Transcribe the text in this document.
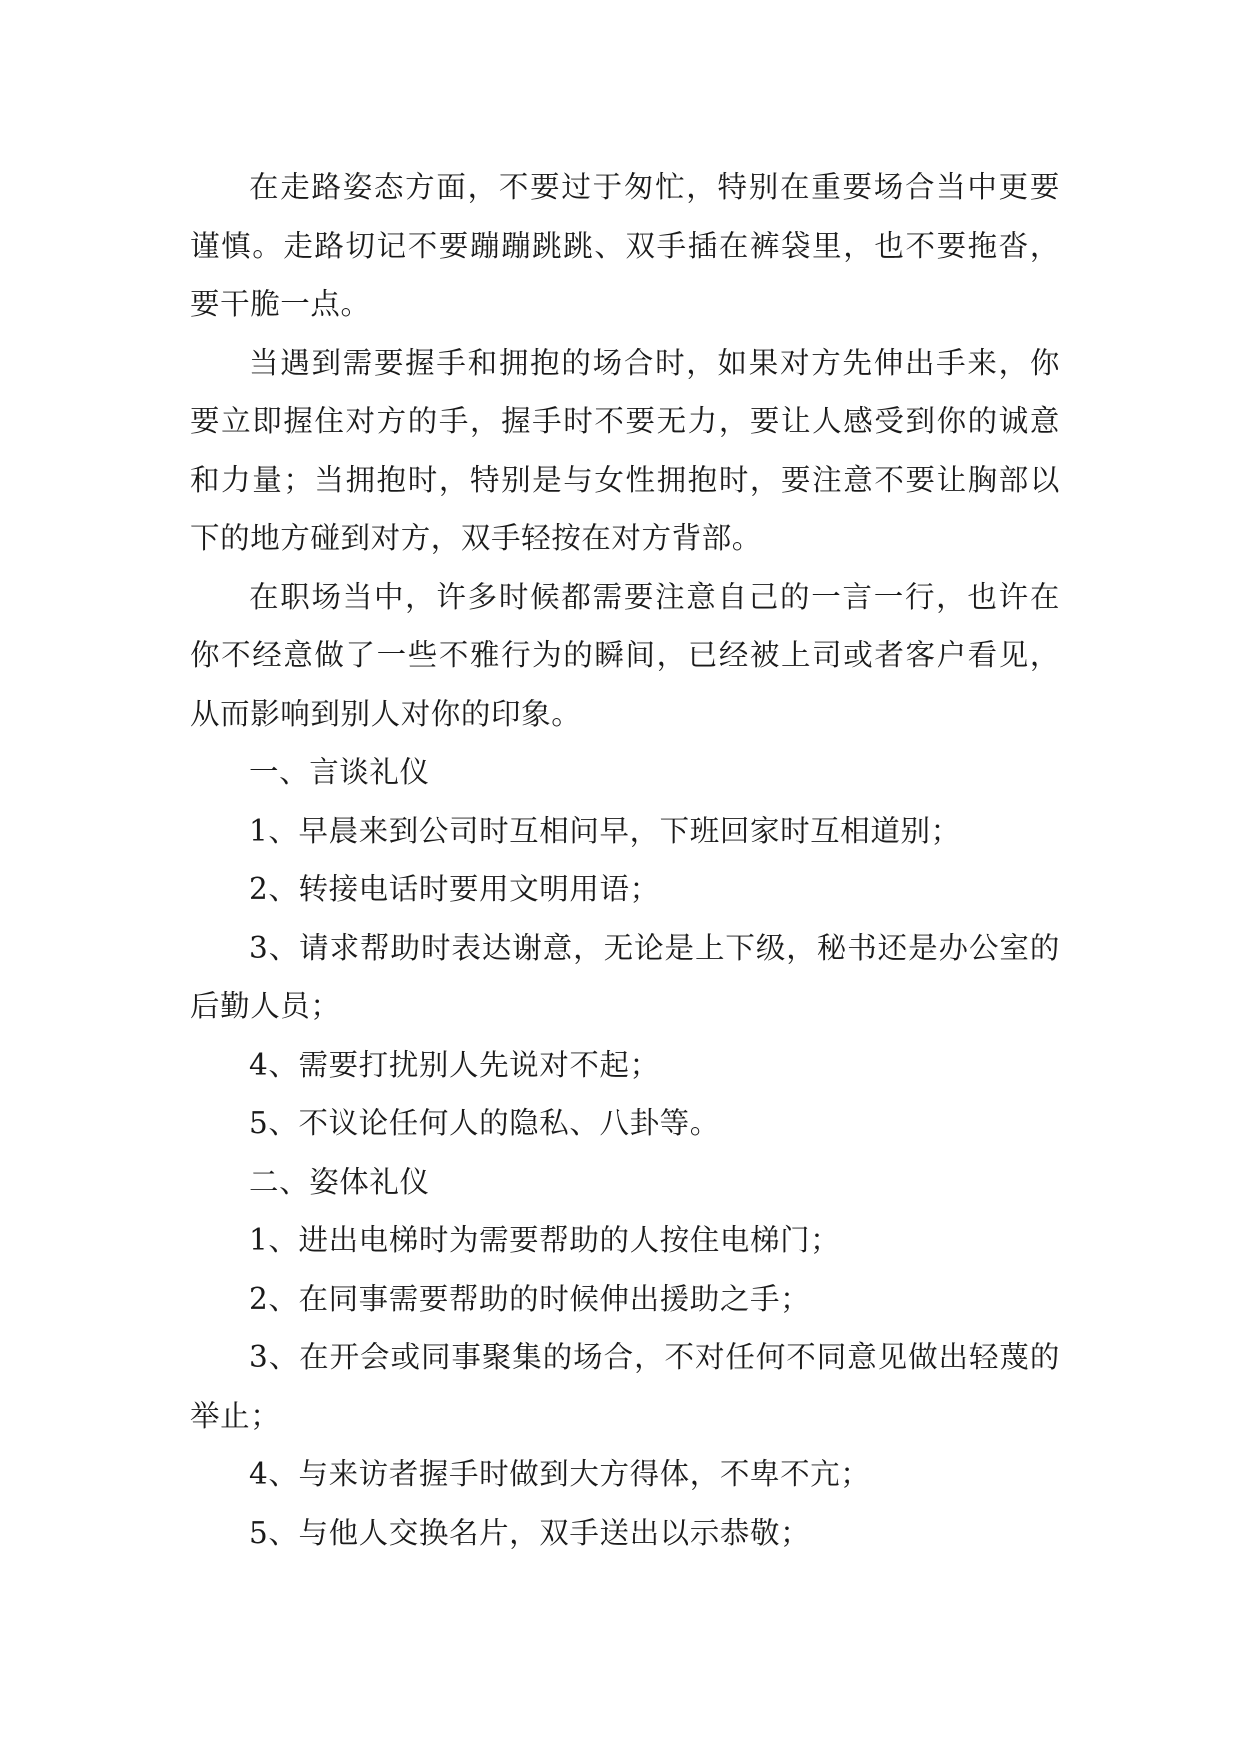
在走路姿态方面，不要过于匆忙，特别在重要场合当中更要谨慎。走路切记不要蹦蹦跳跳、双手插在裤袋里，也不要拖沓，要干脆一点。

当遇到需要握手和拥抱的场合时，如果对方先伸出手来，你要立即握住对方的手，握手时不要无力，要让人感受到你的诚意和力量；当拥抱时，特别是与女性拥抱时，要注意不要让胸部以下的地方碰到对方，双手轻按在对方背部。

在职场当中，许多时候都需要注意自己的一言一行，也许在你不经意做了一些不雅行为的瞬间，已经被上司或者客户看见，从而影响到别人对你的印象。

一、言谈礼仪

1、早晨来到公司时互相问早，下班回家时互相道别；

2、转接电话时要用文明用语；

3、请求帮助时表达谢意，无论是上下级，秘书还是办公室的后勤人员；

4、需要打扰别人先说对不起；

5、不议论任何人的隐私、八卦等。

二、姿体礼仪

1、进出电梯时为需要帮助的人按住电梯门；

2、在同事需要帮助的时候伸出援助之手；

3、在开会或同事聚集的场合，不对任何不同意见做出轻蔑的举止；

4、与来访者握手时做到大方得体，不卑不亢；

5、与他人交换名片，双手送出以示恭敬；
